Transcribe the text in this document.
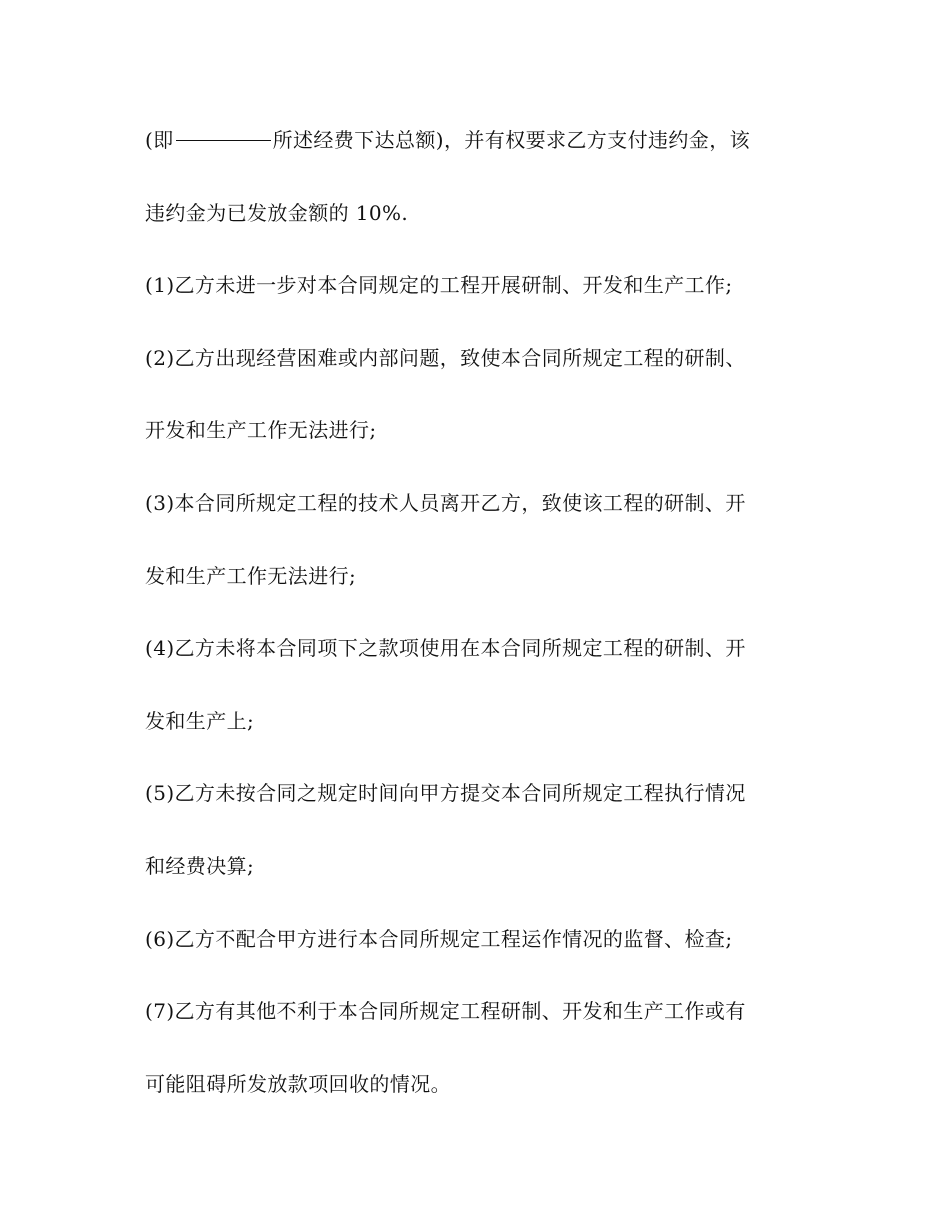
(即	所述经费下达总额)，并有权要求乙方支付违约金，该
违约金为已发放金额的 10%.
(1)乙方未进一步对本合同规定的工程开展研制、开发和生产工作;
(2)乙方出现经营困难或内部问题，致使本合同所规定工程的研制、
开发和生产工作无法进行;
(3)本合同所规定工程的技术人员离开乙方，致使该工程的研制、开
发和生产工作无法进行;
(4)乙方未将本合同项下之款项使用在本合同所规定工程的研制、开
发和生产上;
(5)乙方未按合同之规定时间向甲方提交本合同所规定工程执行情况
和经费决算;
(6)乙方不配合甲方进行本合同所规定工程运作情况的监督、检查;
(7)乙方有其他不利于本合同所规定工程研制、开发和生产工作或有
可能阻碍所发放款项回收的情况。
